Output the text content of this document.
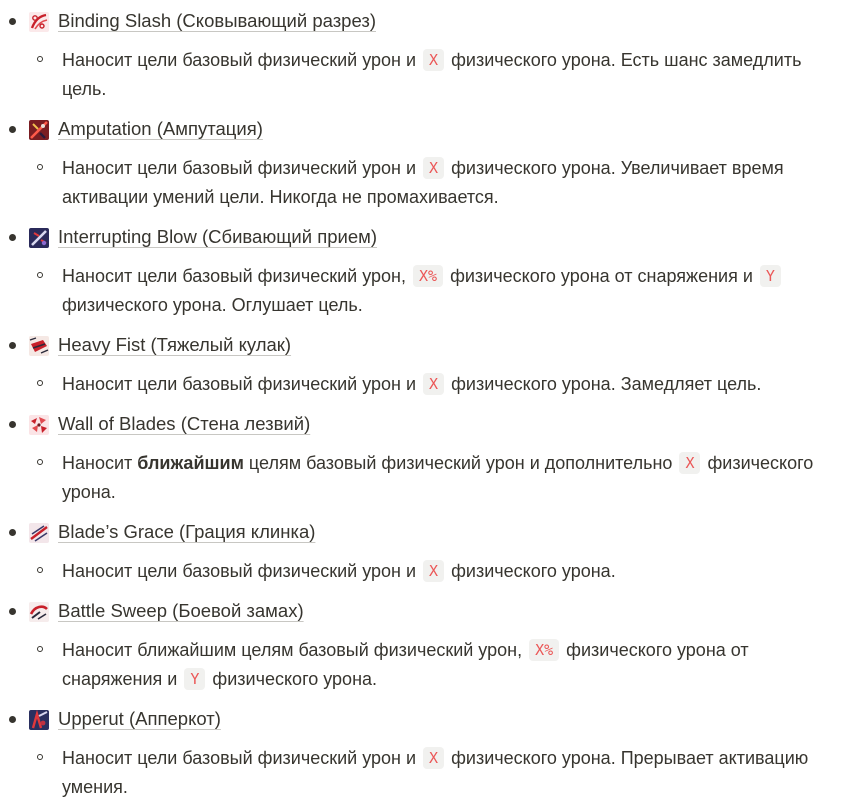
Binding Slash (Сковывающий разрез)
Наносит цели базовый физический урон и X физического урона. Есть шанс замедлить цель.
Amputation (Ампутация)
Наносит цели базовый физический урон и X физического урона. Увеличивает время активации умений цели. Никогда не промахивается.
Interrupting Blow (Сбивающий прием)
Наносит цели базовый физический урон, X% физического урона от снаряжения и Y физического урона. Оглушает цель.
Heavy Fist (Тяжелый кулак)
Наносит цели базовый физический урон и X физического урона. Замедляет цель.
Wall of Blades (Стена лезвий)
Наносит ближайшим целям базовый физический урон и дополнительно X физического урона.
Blade’s Grace (Грация клинка)
Наносит цели базовый физический урон и X физического урона.
Battle Sweep (Боевой замах)
Наносит ближайшим целям базовый физический урон, X% физического урона от снаряжения и Y физического урона.
Upperut (Апперкот)
Наносит цели базовый физический урон и X физического урона. Прерывает активацию умения.
